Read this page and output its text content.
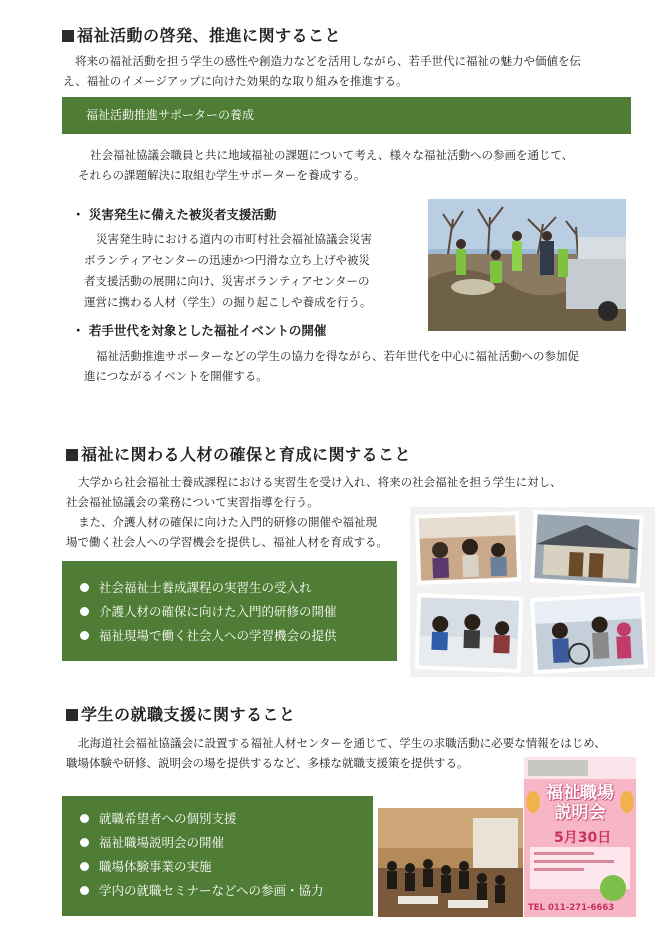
福祉活動の啓発、推進に関すること
将来の福祉活動を担う学生の感性や創造力などを活用しながら、若手世代に福祉の魅力や価値を伝
え、福祉のイメージアップに向けた効果的な取り組みを推進する。
福祉活動推進サポーターの養成
社会福祉協議会職員と共に地域福祉の課題について考え、様々な福祉活動への参画を通じて、
それらの課題解決に取組む学生サポーターを養成する。
・ 災害発生に備えた被災者支援活動
災害発生時における道内の市町村社会福祉協議会災害
ボランティアセンターの迅速かつ円滑な立ち上げや被災
者支援活動の展開に向け、災害ボランティアセンターの
運営に携わる人材（学生）の掘り起こしや養成を行う。
・ 若手世代を対象とした福祉イベントの開催
福祉活動推進サポーターなどの学生の協力を得ながら、若年世代を中心に福祉活動への参加促
進につながるイベントを開催する。
福祉に関わる人材の確保と育成に関すること
大学から社会福祉士養成課程における実習生を受け入れ、将来の社会福祉を担う学生に対し、
社会福祉協議会の業務について実習指導を行う。
また、介護人材の確保に向けた入門的研修の開催や福祉現
場で働く社会人への学習機会を提供し、福祉人材を育成する。
社会福祉士養成課程の実習生の受入れ
介護人材の確保に向けた入門的研修の開催
福祉現場で働く社会人への学習機会の提供
学生の就職支援に関すること
北海道社会福祉協議会に設置する福祉人材センターを通じて、学生の求職活動に必要な情報をはじめ、
職場体験や研修、説明会の場を提供するなど、多様な就職支援策を提供する。
就職希望者への個別支援
福祉職場説明会の開催
職場体験事業の実施
学内の就職セミナーなどへの参画・協力
福祉職場
説明会
5月30日
TEL 011-271-6663
